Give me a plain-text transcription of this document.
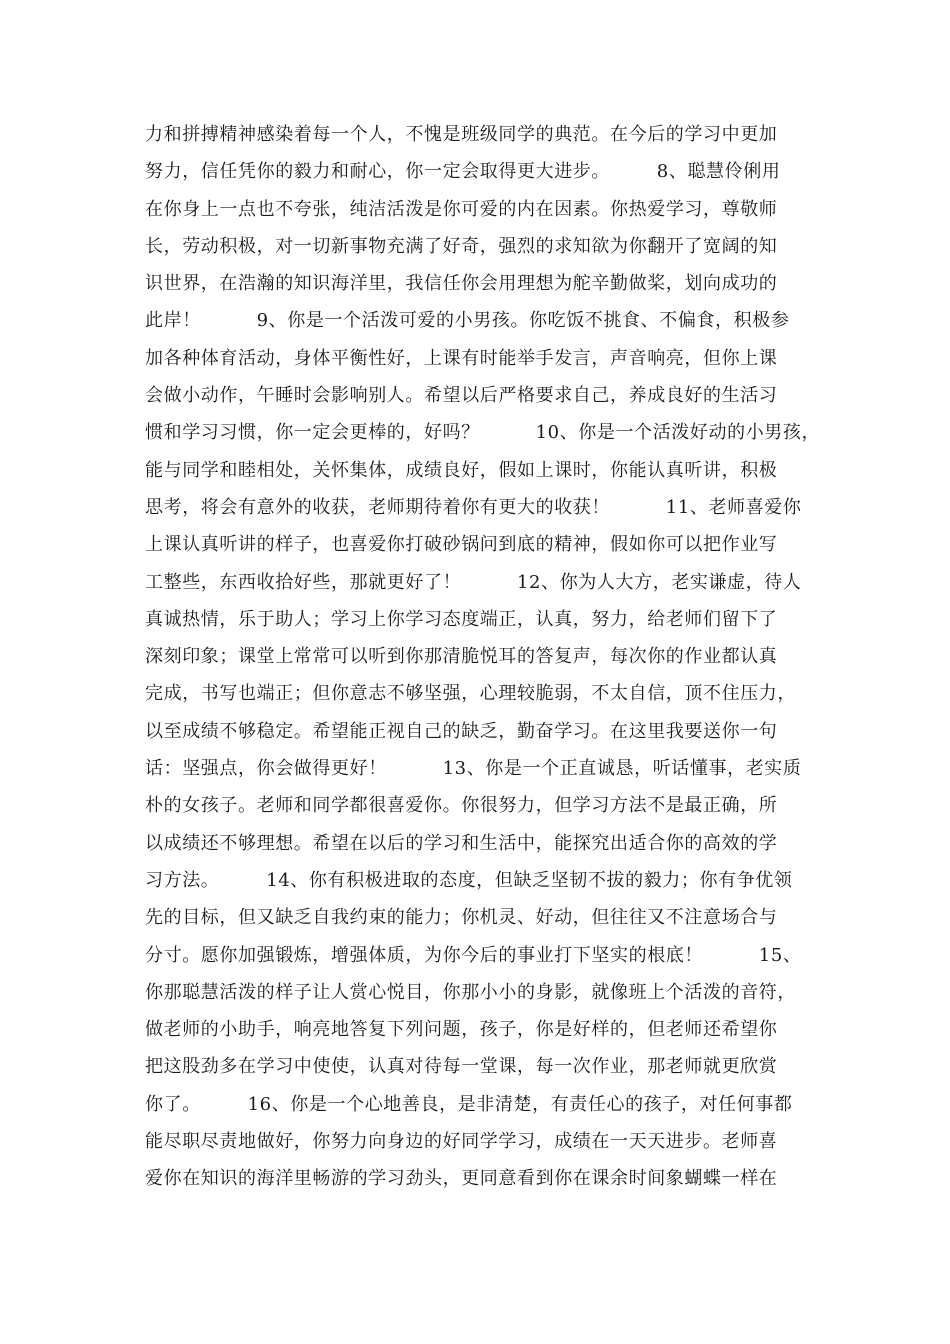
力和拼搏精神感染着每一个人，不愧是班级同学的典范。在今后的学习中更加
努力，信任凭你的毅力和耐心，你一定会取得更大进步。　　　8、聪慧伶俐用
在你身上一点也不夸张，纯洁活泼是你可爱的内在因素。你热爱学习，尊敬师
长，劳动积极，对一切新事物充满了好奇，强烈的求知欲为你翻开了宽阔的知
识世界，在浩瀚的知识海洋里，我信任你会用理想为舵辛勤做桨，划向成功的
此岸！　　　9、你是一个活泼可爱的小男孩。你吃饭不挑食、不偏食，积极参
加各种体育活动，身体平衡性好，上课有时能举手发言，声音响亮，但你上课
会做小动作，午睡时会影响别人。希望以后严格要求自己，养成良好的生活习
惯和学习习惯，你一定会更棒的，好吗？　　　10、你是一个活泼好动的小男孩，
能与同学和睦相处，关怀集体，成绩良好，假如上课时，你能认真听讲，积极
思考，将会有意外的收获，老师期待着你有更大的收获！　　　11、老师喜爱你
上课认真听讲的样子，也喜爱你打破砂锅问到底的精神，假如你可以把作业写
工整些，东西收拾好些，那就更好了！　　　12、你为人大方，老实谦虚，待人
真诚热情，乐于助人；学习上你学习态度端正，认真，努力，给老师们留下了
深刻印象；课堂上常常可以听到你那清脆悦耳的答复声，每次你的作业都认真
完成，书写也端正；但你意志不够坚强，心理较脆弱，不太自信，顶不住压力，
以至成绩不够稳定。希望能正视自己的缺乏，勤奋学习。在这里我要送你一句
话：坚强点，你会做得更好！　　　13、你是一个正直诚恳，听话懂事，老实质
朴的女孩子。老师和同学都很喜爱你。你很努力，但学习方法不是最正确，所
以成绩还不够理想。希望在以后的学习和生活中，能探究出适合你的高效的学
习方法。　　　14、你有积极进取的态度，但缺乏坚韧不拔的毅力；你有争优领
先的目标，但又缺乏自我约束的能力；你机灵、好动，但往往又不注意场合与
分寸。愿你加强锻炼，增强体质，为你今后的事业打下坚实的根底！　　　15、
你那聪慧活泼的样子让人赏心悦目，你那小小的身影，就像班上个活泼的音符，
做老师的小助手，响亮地答复下列问题，孩子，你是好样的，但老师还希望你
把这股劲多在学习中使使，认真对待每一堂课，每一次作业，那老师就更欣赏
你了。　　　16、你是一个心地善良，是非清楚，有责任心的孩子，对任何事都
能尽职尽责地做好，你努力向身边的好同学学习，成绩在一天天进步。老师喜
爱你在知识的海洋里畅游的学习劲头，更同意看到你在课余时间象蝴蝶一样在
